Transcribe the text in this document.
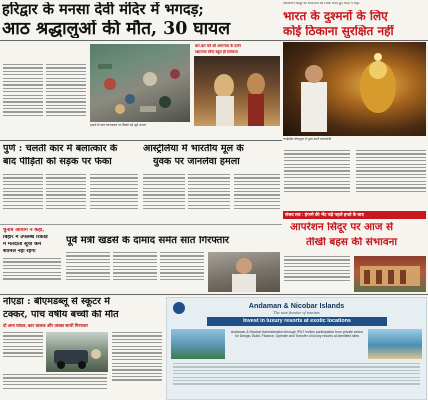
हरिद्वार के मनसा देवी मंदिर में भगदड़;
आठ श्रद्धालुओं की मौत, 30 घायल
आपरेशन सिंदूर की सफलता का जिक्र करते हुए मोदी ने कहा
भारत के दुश्मनों के लिए
कोई ठिकाना सुरक्षित नहीं
हादसे के बाद घटनास्थल पर बिखरे पड़े जूते-चप्पल
बार-बार करें श्री अमरनाथ के दर्शन
रक्षात्मक रवैया बहुत ही सर्तकता
गंगईकोंड चोलपुरम में पूजा करते प्रधानमंत्री
पुणे : चलती कार में बलात्कार के
बाद पीड़िता को सड़क पर फेंका
आस्ट्रेलिया में भारतीय मूल के
युवक पर जानलेवा हमला
संसद सत्र : हंगामे की भेंट चढ़े पहले हफ्ते के बाद
आपरेशन सिंदूर पर आज से
तीखी बहस की संभावना
चुनाव आयोग ने कहा,
बिहार में उपलब्ध रिकार्ड
में मतदाता सूची कम
शामिल नहीं रहेगा
पूर्व मंत्री खडसे के दामाद समेत सात गिरफ्तार
नोएडा : बीएमडब्लू से स्कूटर में
टक्कर, पांच वर्षीय बच्ची की मौत
दो अन्य घायल, कार चालक और उसका साथी गिरफ्तार
Andaman & Nicobar Islands
The next frontier of tourism
Invest in luxury resorts at exotic locations
Andaman & Nicobar Administration through IP&T invites participation from private sector for Design, Build, Finance, Operate and Transfer of luxury resorts at identified sites
